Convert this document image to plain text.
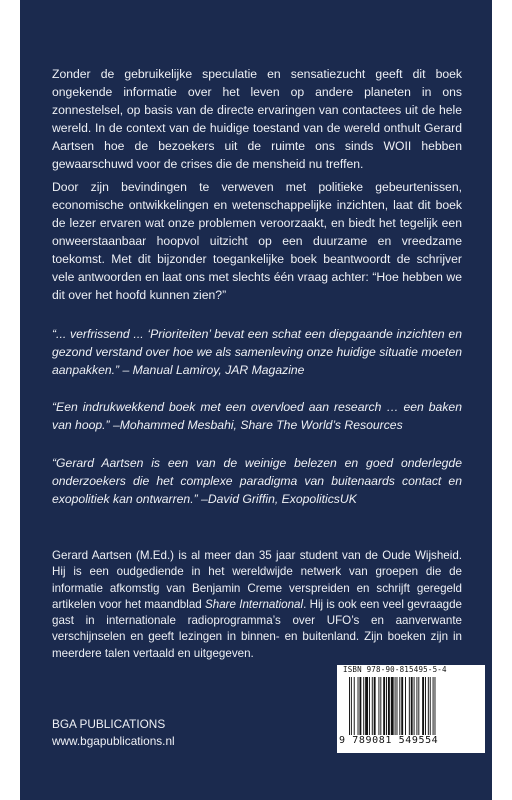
Zonder de gebruikelijke speculatie en sensatiezucht geeft dit boek ongekende informatie over het leven op andere planeten in ons zonnestelsel, op basis van de directe ervaringen van contactees uit de hele wereld. In de context van de huidige toestand van de wereld onthult Gerard Aartsen hoe de bezoekers uit de ruimte ons sinds WOII hebben gewaarschuwd voor de crises die de mensheid nu treffen.

Door zijn bevindingen te verweven met politieke gebeurtenissen, economische ontwikkelingen en wetenschappelijke inzichten, laat dit boek de lezer ervaren wat onze problemen veroorzaakt, en biedt het tegelijk een onweerstaanbaar hoopvol uitzicht op een duurzame en vreedzame toekomst. Met dit bijzonder toegankelijke boek beantwoordt de schrijver vele antwoorden en laat ons met slechts één vraag achter: “Hoe hebben we dit over het hoofd kunnen zien?”

“... verfrissend ... ‘Prioriteiten’ bevat een schat een diepgaande inzichten en gezond verstand over hoe we als samenleving onze huidige situatie moeten aanpakken.” – Manual Lamiroy, JAR Magazine

“Een indrukwekkend boek met een overvloed aan research … een baken van hoop.” –Mohammed Mesbahi, Share The World’s Resources

“Gerard Aartsen is een van de weinige belezen en goed onderlegde onderzoekers die het complexe paradigma van buitenaards contact en exopolitiek kan ontwarren.” –David Griffin, ExopoliticsUK

Gerard Aartsen (M.Ed.) is al meer dan 35 jaar student van de Oude Wijsheid. Hij is een oudgediende in het wereldwijde netwerk van groepen die de informatie afkomstig van Benjamin Creme verspreiden en schrijft geregeld artikelen voor het maandblad Share International. Hij is ook een veel gevraagde gast in internationale radioprogramma’s over UFO’s en aanverwante verschijnselen en geeft lezingen in binnen- en buitenland. Zijn boeken zijn in meerdere talen vertaald en uitgegeven.

BGA PUBLICATIONS
www.bgapublications.nl
ISBN 978-90-815495-5-4
9 789081 549554
